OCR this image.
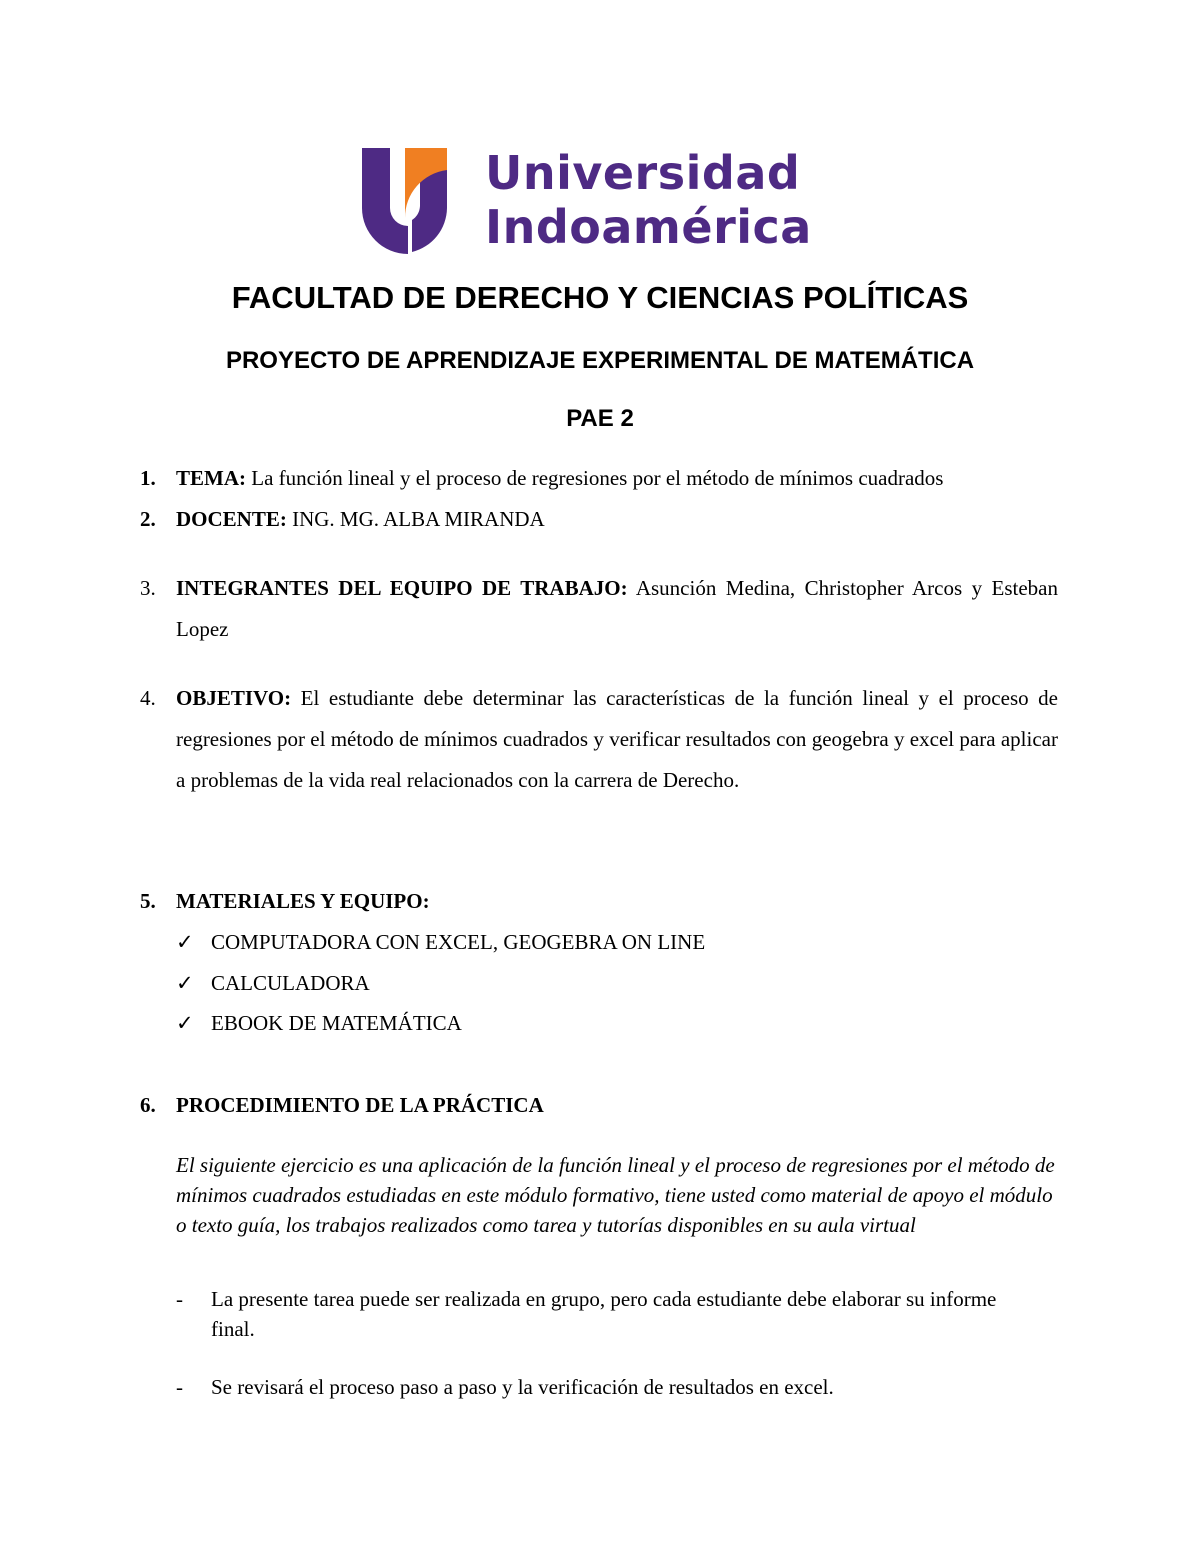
Universidad
Indoamérica
FACULTAD DE DERECHO Y CIENCIAS POLÍTICAS
PROYECTO DE APRENDIZAJE EXPERIMENTAL DE MATEMÁTICA
PAE 2
1. TEMA: La función lineal y el proceso de regresiones por el método de mínimos cuadrados
2. DOCENTE: ING. MG. ALBA MIRANDA
3. INTEGRANTES DEL EQUIPO DE TRABAJO: Asunción Medina, Christopher Arcos y Esteban Lopez
4. OBJETIVO: El estudiante debe determinar las características de la función lineal y el proceso de regresiones por el método de mínimos cuadrados y verificar resultados con geogebra y excel para aplicar a problemas de la vida real relacionados con la carrera de Derecho.
5. MATERIALES Y EQUIPO:
✓ COMPUTADORA CON EXCEL, GEOGEBRA ON LINE
✓ CALCULADORA
✓ EBOOK DE MATEMÁTICA
6. PROCEDIMIENTO DE LA PRÁCTICA
El siguiente ejercicio es una aplicación de la función lineal y el proceso de regresiones por el método de mínimos cuadrados estudiadas en este módulo formativo, tiene usted como material de apoyo el módulo o texto guía, los trabajos realizados como tarea y tutorías disponibles en su aula virtual
- La presente tarea puede ser realizada en grupo, pero cada estudiante debe elaborar su informe final.
- Se revisará el proceso paso a paso y la verificación de resultados en excel.
